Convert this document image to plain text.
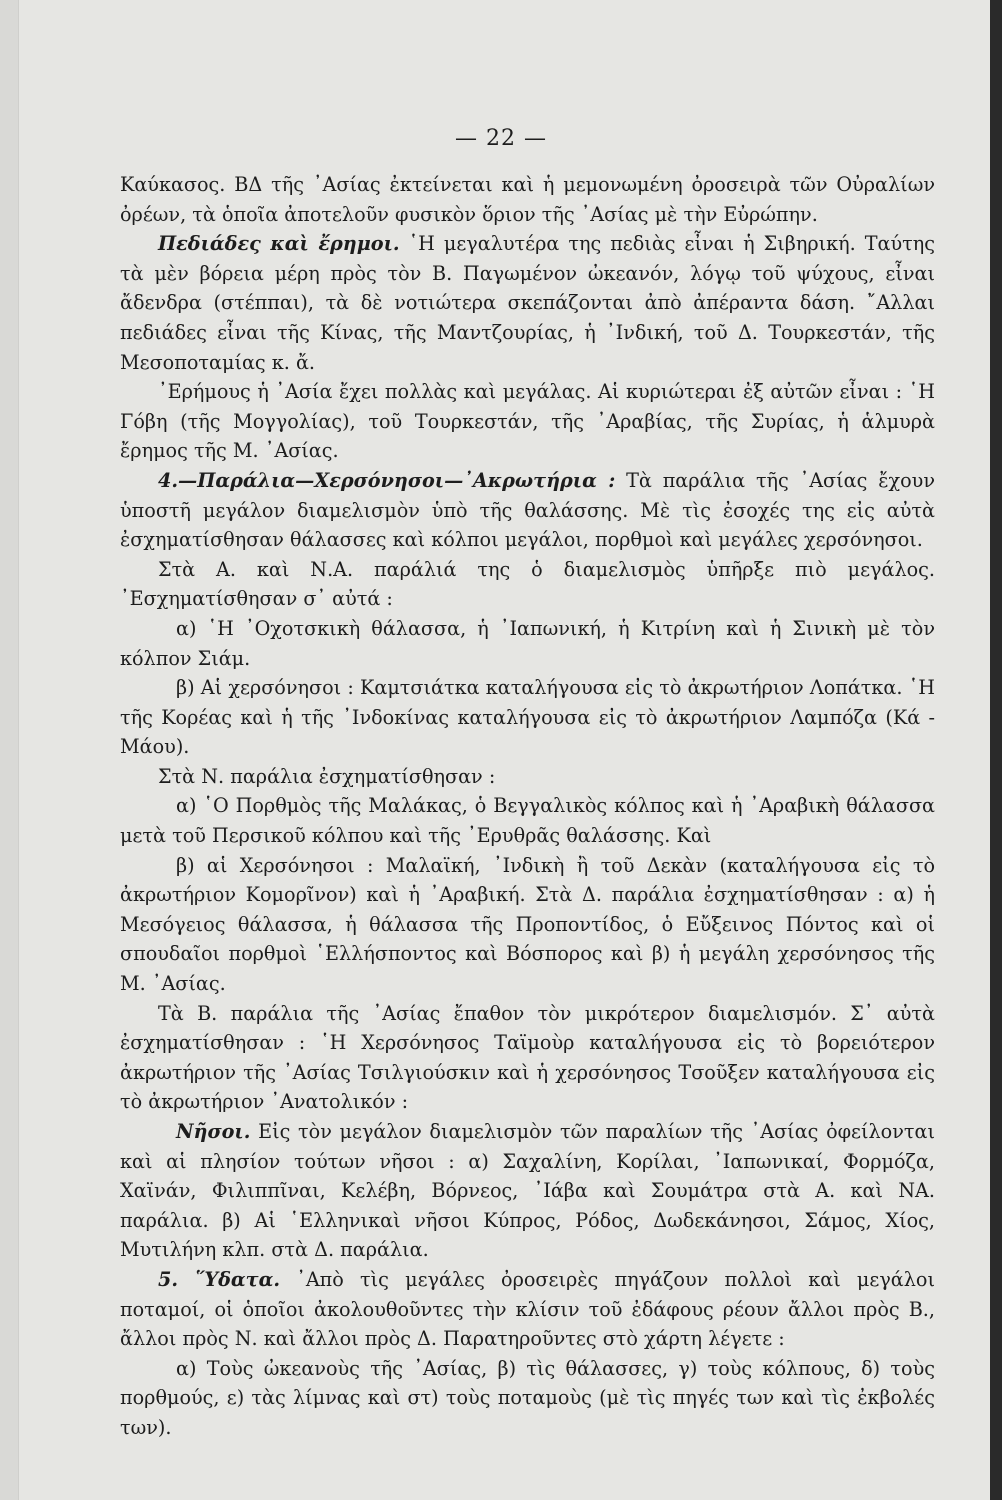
— 22 —

Καύκασος. ΒΔ τῆς ᾿Ασίας ἐκτείνεται καὶ ἡ μεμονωμένη ὀροσειρὰ τῶν Οὐραλίων ὀρέων, τὰ ὁποῖα ἀποτελοῦν φυσικὸν ὅριον τῆς ᾿Ασίας μὲ τὴν Εὐρώπην.

Πεδιάδες καὶ ἔρημοι. ῾Η μεγαλυτέρα της πεδιὰς εἶναι ἡ Σιβηρική. Ταύτης τὰ μὲν βόρεια μέρη πρὸς τὸν Β. Παγωμένον ὠκεανόν, λόγῳ τοῦ ψύχους, εἶναι ἄδενδρα (στέππαι), τὰ δὲ νοτιώτερα σκεπάζονται ἀπὸ ἀπέραντα δάση. ῎Αλλαι πεδιάδες εἶναι τῆς Κίνας, τῆς Μαντζουρίας, ἡ ᾿Ινδική, τοῦ Δ. Τουρκεστάν, τῆς Μεσοποταμίας κ. ἄ.

᾿Ερήμους ἡ ᾿Ασία ἔχει πολλὰς καὶ μεγάλας. Αἱ κυριώτεραι ἐξ αὐτῶν εἶναι : ῾Η Γόβη (τῆς Μογγολίας), τοῦ Τουρκεστάν, τῆς ᾿Αραβίας, τῆς Συρίας, ἡ ἁλμυρὰ ἔρημος τῆς Μ. ᾿Ασίας.

4.—Παράλια—Χερσόνησοι—᾿Ακρωτήρια : Τὰ παράλια τῆς ᾿Ασίας ἔχουν ὑποστῆ μεγάλον διαμελισμὸν ὑπὸ τῆς θαλάσσης. Μὲ τὶς ἐσοχές της εἰς αὐτὰ ἐσχηματίσθησαν θάλασσες καὶ κόλποι μεγάλοι, πορθμοὶ καὶ μεγάλες χερσόνησοι.

Στὰ Α. καὶ Ν.Α. παράλιά της ὁ διαμελισμὸς ὑπῆρξε πιὸ μεγάλος. ᾿Εσχηματίσθησαν σ᾿ αὐτά :

α) ῾Η ᾿Οχοτσκικὴ θάλασσα, ἡ ᾿Ιαπωνική, ἡ Κιτρίνη καὶ ἡ Σινικὴ μὲ τὸν κόλπον Σιάμ.

β) Αἱ χερσόνησοι : Καμτσιάτκα καταλήγουσα εἰς τὸ ἀκρωτήριον Λοπάτκα. ῾Η τῆς Κορέας καὶ ἡ τῆς ᾿Ινδοκίνας καταλήγουσα εἰς τὸ ἀκρωτήριον Λαμπόζα (Κά - Μάου).

Στὰ Ν. παράλια ἐσχηματίσθησαν :

α) ῾Ο Πορθμὸς τῆς Μαλάκας, ὁ Βεγγαλικὸς κόλπος καὶ ἡ ᾿Αραβικὴ θάλασσα μετὰ τοῦ Περσικοῦ κόλπου καὶ τῆς ᾿Ερυθρᾶς θαλάσσης. Καὶ

β) αἱ Χερσόνησοι : Μαλαϊκή, ᾿Ινδικὴ ἢ τοῦ Δεκὰν (καταλήγουσα εἰς τὸ ἀκρωτήριον Κομορῖνον) καὶ ἡ ᾿Αραβική. Στὰ Δ. παράλια ἐσχηματίσθησαν : α) ἡ Μεσόγειος θάλασσα, ἡ θάλασσα τῆς Προποντίδος, ὁ Εὔξεινος Πόντος καὶ οἱ σπουδαῖοι πορθμοὶ ῾Ελλήσποντος καὶ Βόσπορος καὶ β) ἡ μεγάλη χερσόνησος τῆς Μ. ᾿Ασίας.

Τὰ Β. παράλια τῆς ᾿Ασίας ἔπαθον τὸν μικρότερον διαμελισμόν. Σ᾿ αὐτὰ ἐσχηματίσθησαν : ῾Η Χερσόνησος Ταϊμοὺρ καταλήγουσα εἰς τὸ βορειότερον ἀκρωτήριον τῆς ᾿Ασίας Τσιλγιούσκιν καὶ ἡ χερσόνησος Τσοῦξεν καταλήγουσα εἰς τὸ ἀκρωτήριον ᾿Ανατολικόν :

Νῆσοι. Εἰς τὸν μεγάλον διαμελισμὸν τῶν παραλίων τῆς ᾿Ασίας ὀφείλονται καὶ αἱ πλησίον τούτων νῆσοι : α) Σαχαλίνη, Κορίλαι, ᾿Ιαπωνικαί, Φορμόζα, Χαϊνάν, Φιλιππῖναι, Κελέβη, Βόρνεος, ᾿Ιάβα καὶ Σουμάτρα στὰ Α. καὶ ΝΑ. παράλια. β) Αἱ ῾Ελληνικαὶ νῆσοι Κύπρος, Ρόδος, Δωδεκάνησοι, Σάμος, Χίος, Μυτιλήνη κλπ. στὰ Δ. παράλια.

5. ῞Υδατα. ᾿Απὸ τὶς μεγάλες ὀροσειρὲς πηγάζουν πολλοὶ καὶ μεγάλοι ποταμοί, οἱ ὁποῖοι ἀκολουθοῦντες τὴν κλίσιν τοῦ ἐδάφους ρέουν ἄλλοι πρὸς Β., ἄλλοι πρὸς Ν. καὶ ἄλλοι πρὸς Δ. Παρατηροῦντες στὸ χάρτη λέγετε :

α) Τοὺς ὠκεανοὺς τῆς ᾿Ασίας, β) τὶς θάλασσες, γ) τοὺς κόλπους, δ) τοὺς πορθμούς, ε) τὰς λίμνας καὶ στ) τοὺς ποταμοὺς (μὲ τὶς πηγές των καὶ τὶς ἐκβολές των).
